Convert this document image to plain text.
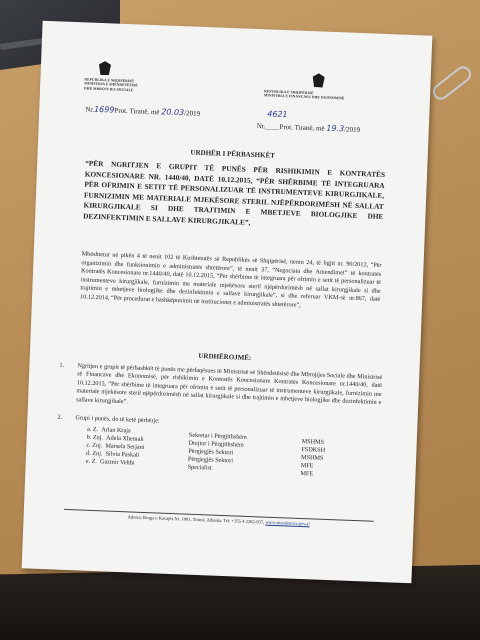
REPUBLIKA E SHQIPËRISË
MINISTRIA E SHËNDETËSISË
DHE MBROJTJES SOCIALE
REPUBLIKA E SHQIPËRISË
MINISTRIA E FINANCAVE DHE EKONOMISË
Nr.1699Prot. Tiranë, më 20.03/2019	4621
Nr.____Prot. Tiranë, më 19.3/2019
URDHËR I PËRBASHKËT
“PËR NGRITJEN E GRUPIT TË PUNËS PËR RISHIKIMIN E KONTRATËS KONCESIONARE NR. 1440/40, DATË 10.12.2015, “PËR SHËRBIME TË INTEGRUARA PËR OFRIMIN E SETIT TË PERSONALIZUAR TË INSTRUMENTEVE KIRURGJIKALE, FURNIZIMIN ME MATERIALE MJEKËSORE STERIL NJËPËRDORIMËSH NË SALLAT KIRURGJIKALE SI DHE TRAJTIMIN E MBETJEVE BIOLOGJIKE DHE DEZINFEKTIMIN E SALLAVE KIRURGJIKALE”,
Mbështetur në pikën 4 të nenit 102 të Kushtetutës së Republikës së Shqipërisë, nenin 24, të ligjit nr. 90/2012, “Për organizimin dhe funksionimin e administratës shtetërore”, të nenit 37, “Negociata dhe Amendimet” të kontratës Kontratës Koncesionare nr.1440/40, datë 10.12.2015, “Për shërbime të integruara për ofrimin e setit të personalizuar të instrumenteve kirurgjikale, furnizimin me materiale mjekësore steril njëpërdorimësh në sallat kirurgjikale si dhe trajtimin e mbetjeve biologjike dhe dezinfektimin e sallave kirurgjikale”, si dhe referuar VKM-së nr.867, datë 10.12.2014, “Për procedurat e bashkëpunimit në institucionet e administratës shtetërore”,
URDHËROJMË:
1. Ngritjen e grupit të përbashkët të punës me përfaqësues të Ministrisë së Shëndetësisë dhe Mbrojtjes Sociale dhe Ministrisë së Financave dhe Ekonomisë, për rishikimin e Kontratës Koncesionare Kontratës Koncesionare nr.1440/40, datë 10.12.2015, “Për shërbime të integruara për ofrimin e setit të personalizuar të instrumenteve kirurgjikale, furnizimin me materiale mjekësore steril njëpërdorimësh në sallat kirurgjikale si dhe trajtimin e mbetjeve biologjike dhe dezinfektimin e sallave kirurgjikale”.
2. Grupi i punës, do të ketë përbërje:
a. Z. Arlan Kraja
Sekretar i Përgjithshëm
MSHMS
b. Znj. Adela Xhemali
Drejtor i Përgjithshëm
FSDKSH
c. Znj. Marsela Serjani
Përgjegjës Sektori
MSHMS
d. Znj. Silvia Paskali
Përgjegjës Sektori
MFE
e. Z. Gazmir Vehbi
Specialist
MFE
Adresa: Rruga e Kavajës Nr. 1001, Tiranë, Albania. Tel: +355 4 2362-937, www.shendetesia.gov.al
